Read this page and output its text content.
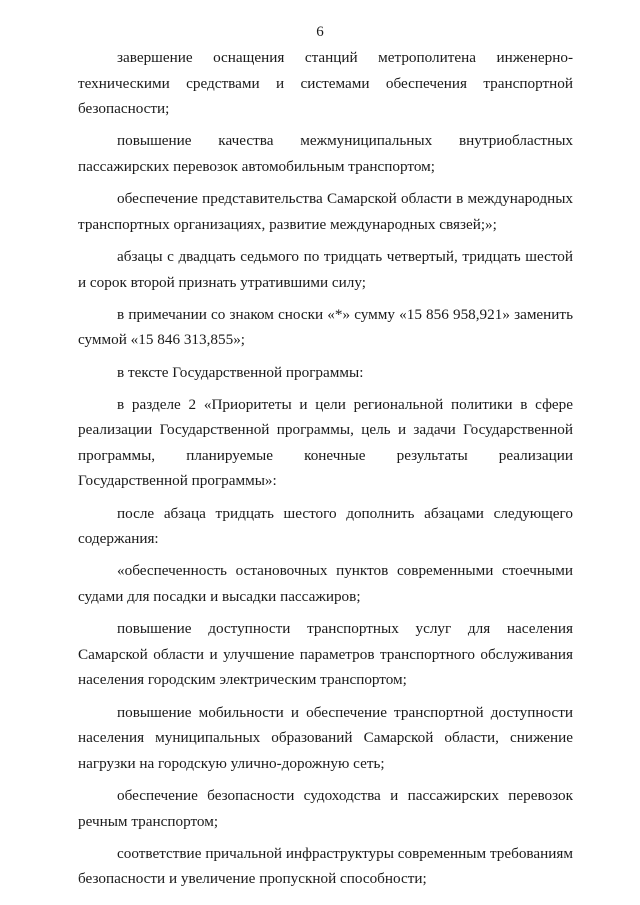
6

завершение оснащения станций метрополитена инженерно-техническими средствами и системами обеспечения транспортной безопасности;

повышение качества межмуниципальных внутриобластных пассажирских перевозок автомобильным транспортом;

обеспечение представительства Самарской области в международных транспортных организациях, развитие международных связей;»;

абзацы с двадцать седьмого по тридцать четвертый, тридцать шестой и сорок второй признать утратившими силу;

в примечании со знаком сноски «*» сумму «15 856 958,921» заменить суммой «15 846 313,855»;

в тексте Государственной программы:

в разделе 2 «Приоритеты и цели региональной политики в сфере реализации Государственной программы, цель и задачи Государственной программы, планируемые конечные результаты реализации Государственной программы»:

после абзаца тридцать шестого дополнить абзацами следующего содержания:

«обеспеченность остановочных пунктов современными стоечными судами для посадки и высадки пассажиров;

повышение доступности транспортных услуг для населения Самарской области и улучшение параметров транспортного обслуживания населения городским электрическим транспортом;

повышение мобильности и обеспечение транспортной доступности населения муниципальных образований Самарской области, снижение нагрузки на городскую улично-дорожную сеть;

обеспечение безопасности судоходства и пассажирских перевозок речным транспортом;

соответствие причальной инфраструктуры современным требованиям безопасности и увеличение пропускной способности;
